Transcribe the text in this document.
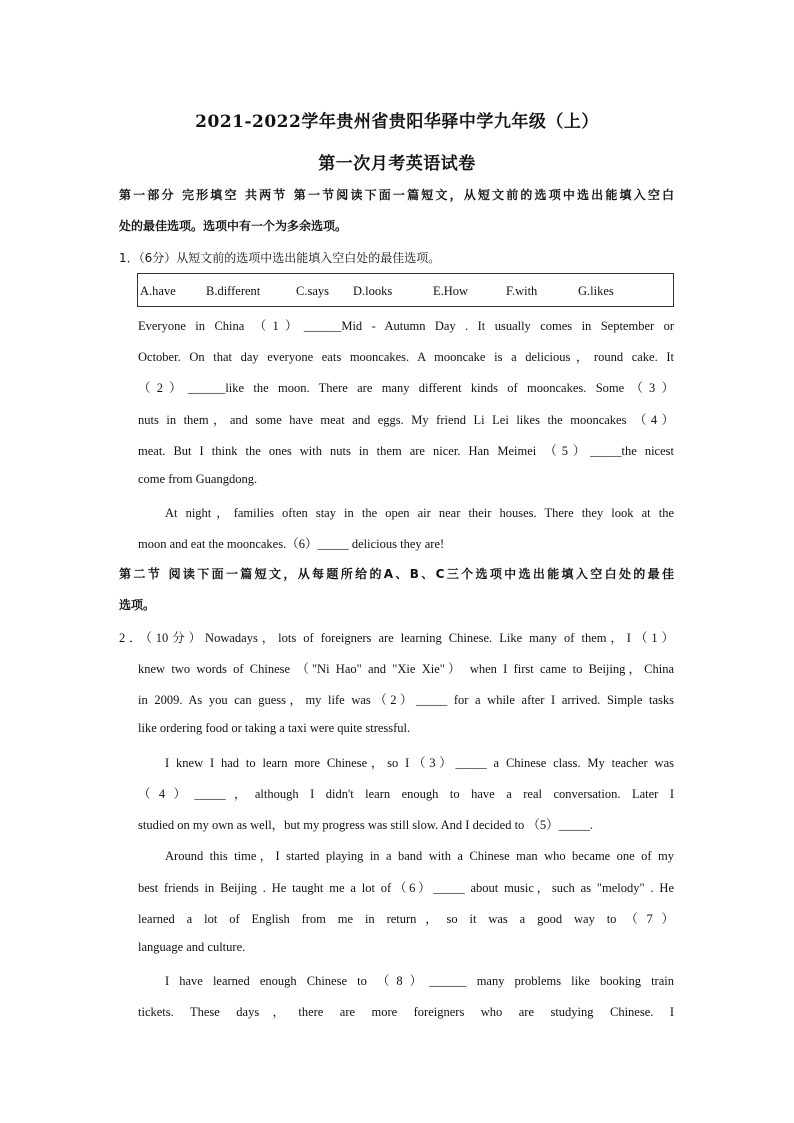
2021-2022学年贵州省贵阳华驿中学九年级（上）
第一次月考英语试卷
第一部分 完形填空 共两节 第一节阅读下面一篇短文，从短文前的选项中选出能填入空白
处的最佳选项。选项中有一个为多余选项。
1．（6分）从短文前的选项中选出能填入空白处的最佳选项。
A.have B.different	C.says D.looks	E.How	F.with	G.likes
Everyone in China （1）______Mid - Autumn Day . It usually comes in September or
October. On that day everyone eats mooncakes. A mooncake is a delicious，round cake. It
（2）______like the moon. There are many different kinds of mooncakes. Some（3）
nuts in them，and some have meat and eggs. My friend Li Lei likes the mooncakes （4）
meat. But I think the ones with nuts in them are nicer. Han Meimei （5）_____the nicest
come from Guangdong.
At night，families often stay in the open air near their houses. There they look at the
moon and eat the mooncakes.（6）_____ delicious they are!
第二节 阅读下面一篇短文，从每题所给的A、B、C三个选项中选出能填入空白处的最佳
选项。
2．（10分）Nowadays，lots of foreigners are learning Chinese. Like many of them，I（1）
knew two words of Chinese （"Ni Hao" and "Xie Xie"） when I first came to Beijing，China
in 2009. As you can guess，my life was（2）_____ for a while after I arrived. Simple tasks
like ordering food or taking a taxi were quite stressful.
I knew I had to learn more Chinese，so I（3）_____ a Chinese class. My teacher was
（4）_____，although I didn't learn enough to have a real conversation. Later I
studied on my own as well，but my progress was still slow. And I decided to （5）_____.
Around this time，I started playing in a band with a Chinese man who became one of my
best friends in Beijing . He taught me a lot of（6）_____ about music，such as "melody" . He
learned a lot of English from me in return，so it was a good way to（7）
language and culture.
I have learned enough Chinese to （8）______ many problems like booking train
tickets. These days，there are more foreigners who are studying Chinese. I
